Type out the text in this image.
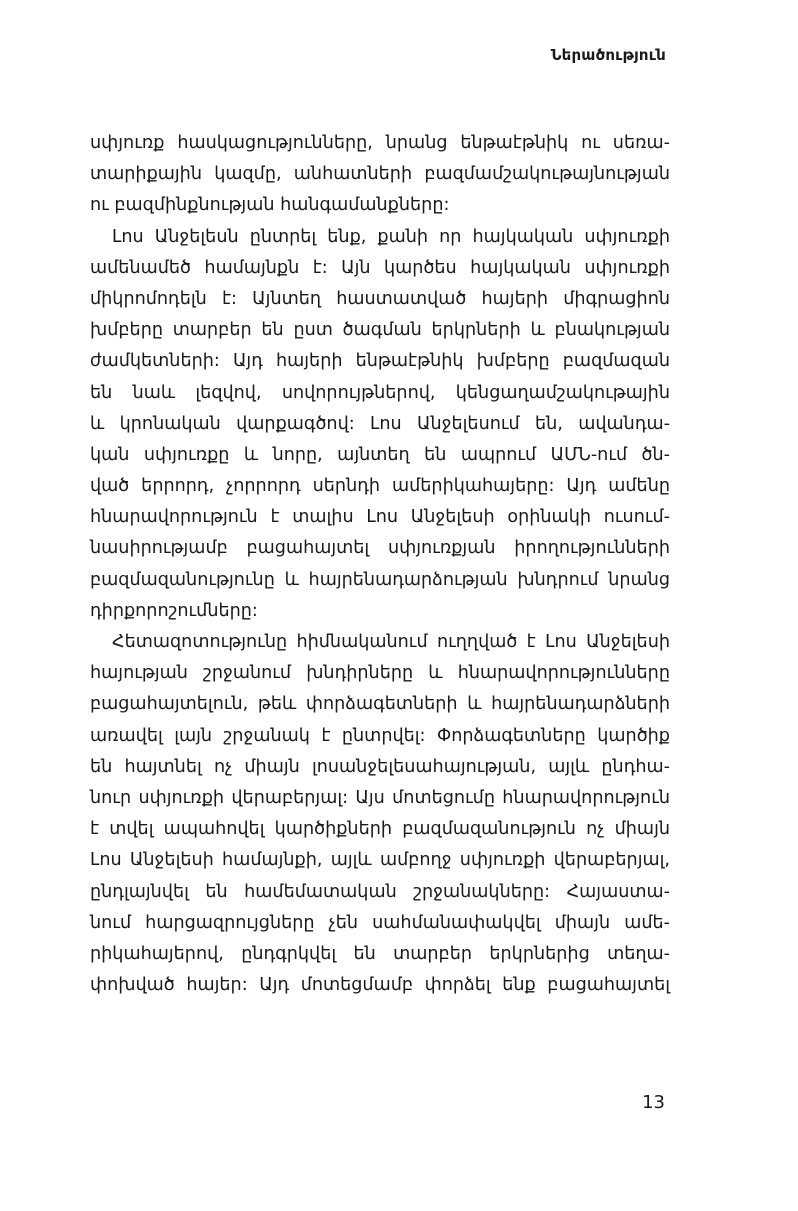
Ներածություն
սփյուռք հասկացությունները, նրանց ենթաէթնիկ ու սեռա-
տարիքային կազմը, անհատների բազմամշակութայնության
ու բազմինքնության հանգամանքները:
Լոս Անջելեսն ընտրել ենք, քանի որ հայկական սփյուռքի
ամենամեծ համայնքն է: Այն կարծես հայկական սփյուռքի
միկրոմոդելն է: Այնտեղ հաստատված հայերի միգրացիոն
խմբերը տարբեր են ըստ ծագման երկրների և բնակության
ժամկետների: Այդ հայերի ենթաէթնիկ խմբերը բազմազան
են նաև լեզվով, սովորույթներով, կենցաղամշակութային
և կրոնական վարքագծով: Լոս Անջելեսում են, ավանդա-
կան սփյուռքը և նորը, այնտեղ են ապրում ԱՄՆ-ում ծն-
ված երրորդ, չորրորդ սերնդի ամերիկահայերը: Այդ ամենը
հնարավորություն է տալիս Լոս Անջելեսի օրինակի ուսում-
նասիրությամբ բացահայտել սփյուռքյան իրողությունների
բազմազանությունը և հայրենադարձության խնդրում նրանց
դիրքորոշումները:
Հետազոտությունը հիմնականում ուղղված է Լոս Անջելեսի
հայության շրջանում խնդիրները և հնարավորությունները
բացահայտելուն, թեև փորձագետների և հայրենադարձների
առավել լայն շրջանակ է ընտրվել: Փորձագետները կարծիք
են հայտնել ոչ միայն լոսանջելեսահայության, այլև ընդհա-
նուր սփյուռքի վերաբերյալ: Այս մոտեցումը հնարավորություն
է տվել ապահովել կարծիքների բազմազանություն ոչ միայն
Լոս Անջելեսի համայնքի, այլև ամբողջ սփյուռքի վերաբերյալ,
ընդլայնվել են համեմատական շրջանակները: Հայաստա-
նում հարցազրույցները չեն սահմանափակվել միայն ամե-
րիկահայերով, ընդգրկվել են տարբեր երկրներից տեղա-
փոխված հայեր: Այդ մոտեցմամբ փորձել ենք բացահայտել
13
